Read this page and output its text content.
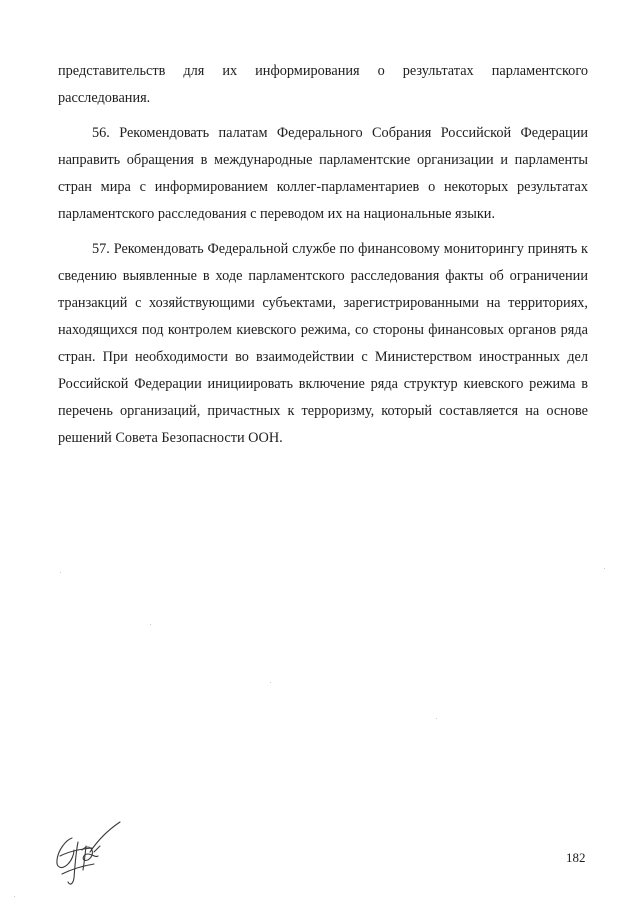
представительств для их информирования о результатах парламентского расследования.

56. Рекомендовать палатам Федерального Собрания Российской Федерации направить обращения в международные парламентские организации и парламенты стран мира с информированием коллег-парламентариев о некоторых результатах парламентского расследования с переводом их на национальные языки.

57. Рекомендовать Федеральной службе по финансовому мониторингу принять к сведению выявленные в ходе парламентского расследования факты об ограничении транзакций с хозяйствующими субъектами, зарегистрированными на территориях, находящихся под контролем киевского режима, со стороны финансовых органов ряда стран. При необходимости во взаимодействии с Министерством иностранных дел Российской Федерации инициировать включение ряда структур киевского режима в перечень организаций, причастных к терроризму, который составляется на основе решений Совета Безопасности ООН.

182
